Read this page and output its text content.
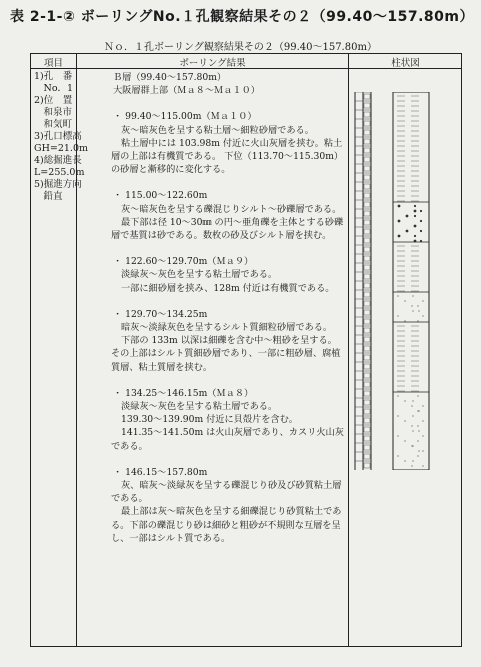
表 2-1-② ボーリングNo.１孔観察結果その２（99.40～157.80m）
Ｎｏ．１孔ボーリング観察結果その２（99.40～157.80m）
項目	ボーリング結果	柱状図
1)孔　番
　No．1
2)位　置
　和泉市
　和気町
3)孔口標高
GH=21.0m
4)総掘進長
L=255.0m
5)掘進方向
　鉛直
Ｂ層（99.40～157.80m）
大阪層群上部（Ｍａ８～Ｍａ１０）
・ 99.40～115.00m（Ｍａ１０）
灰～暗灰色を呈する粘土層～細粒砂層である。
粘土層中には 103.98m 付近に火山灰層を挟む。粘土層の上部は有機質である。 下位（113.70～115.30m）の砂層と漸移的に変化する。
・ 115.00～122.60m
灰～暗灰色を呈する礫混じりシルト～砂礫層である。
最下部は径 10～30㎜ の円～亜角礫を主体とする砂礫層で基質は砂である。数枚の砂及びシルト層を挟む。
・ 122.60～129.70m（Ｍａ９）
淡緑灰～灰色を呈する粘土層である。
一部に細砂層を挟み、128m 付近は有機質である。
・ 129.70～134.25m
暗灰～淡緑灰色を呈するシルト質細粒砂層である。
下部の 133m 以深は細礫を含む中～粗砂を呈する。その上部はシルト質細砂層であり、一部に粗砂層、腐植質層、粘土質層を挟む。
・ 134.25～146.15m（Ｍａ８）
淡緑灰～灰色を呈する粘土層である。
139.30～139.90m 付近に貝殻片を含む。
141.35～141.50m は火山灰層であり、カスリ火山灰である。
・ 146.15～157.80m
灰、暗灰～淡緑灰を呈する礫混じり砂及び砂質粘土層である。
最上部は灰～暗灰色を呈する細礫混じり砂質粘土である。下部の礫混じり砂は細砂と粗砂が不規則な互層を呈し、一部はシルト質である。
